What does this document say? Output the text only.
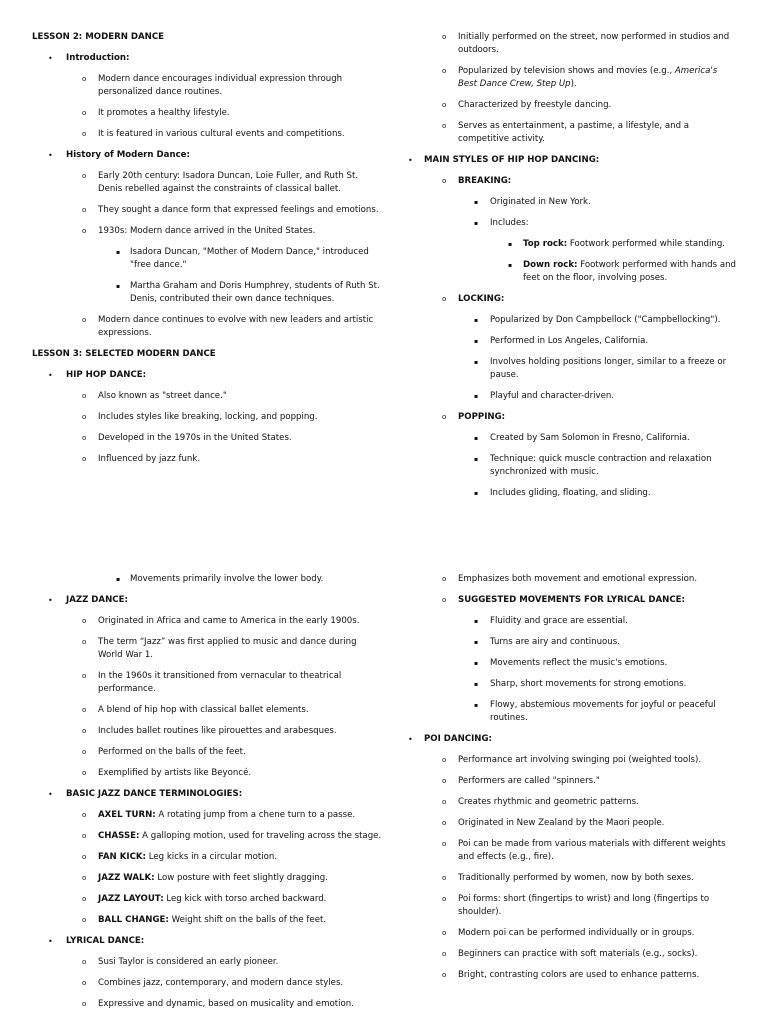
LESSON 2: MODERN DANCE
• Introduction:
o Modern dance encourages individual expression through personalized dance routines.
o It promotes a healthy lifestyle.
o It is featured in various cultural events and competitions.
• History of Modern Dance:
o Early 20th century: Isadora Duncan, Loie Fuller, and Ruth St. Denis rebelled against the constraints of classical ballet.
o They sought a dance form that expressed feelings and emotions.
o 1930s: Modern dance arrived in the United States.
▪ Isadora Duncan, "Mother of Modern Dance," introduced "free dance."
▪ Martha Graham and Doris Humphrey, students of Ruth St. Denis, contributed their own dance techniques.
o Modern dance continues to evolve with new leaders and artistic expressions.
LESSON 3: SELECTED MODERN DANCE
• HIP HOP DANCE:
o Also known as "street dance."
o Includes styles like breaking, locking, and popping.
o Developed in the 1970s in the United States.
o Influenced by jazz funk.
o Initially performed on the street, now performed in studios and outdoors.
o Popularized by television shows and movies (e.g., America's Best Dance Crew, Step Up).
o Characterized by freestyle dancing.
o Serves as entertainment, a pastime, a lifestyle, and a competitive activity.
• MAIN STYLES OF HIP HOP DANCING:
o BREAKING:
▪ Originated in New York.
▪ Includes:
▪ Top rock: Footwork performed while standing.
▪ Down rock: Footwork performed with hands and feet on the floor, involving poses.
o LOCKING:
▪ Popularized by Don Campbellock ("Campbellocking").
▪ Performed in Los Angeles, California.
▪ Involves holding positions longer, similar to a freeze or pause.
▪ Playful and character-driven.
o POPPING:
▪ Created by Sam Solomon in Fresno, California.
▪ Technique: quick muscle contraction and relaxation synchronized with music.
▪ Includes gliding, floating, and sliding.
▪ Movements primarily involve the lower body.
• JAZZ DANCE:
o Originated in Africa and came to America in the early 1900s.
o The term “Jazz” was first applied to music and dance during World War 1.
o In the 1960s it transitioned from vernacular to theatrical performance.
o A blend of hip hop with classical ballet elements.
o Includes ballet routines like pirouettes and arabesques.
o Performed on the balls of the feet.
o Exemplified by artists like Beyoncé.
• BASIC JAZZ DANCE TERMINOLOGIES:
o AXEL TURN: A rotating jump from a chene turn to a passe.
o CHASSE: A galloping motion, used for traveling across the stage.
o FAN KICK: Leg kicks in a circular motion.
o JAZZ WALK: Low posture with feet slightly dragging.
o JAZZ LAYOUT: Leg kick with torso arched backward.
o BALL CHANGE: Weight shift on the balls of the feet.
• LYRICAL DANCE:
o Susi Taylor is considered an early pioneer.
o Combines jazz, contemporary, and modern dance styles.
o Expressive and dynamic, based on musicality and emotion.
o Emphasizes both movement and emotional expression.
o SUGGESTED MOVEMENTS FOR LYRICAL DANCE:
▪ Fluidity and grace are essential.
▪ Turns are airy and continuous.
▪ Movements reflect the music's emotions.
▪ Sharp, short movements for strong emotions.
▪ Flowy, abstemious movements for joyful or peaceful routines.
• POI DANCING:
o Performance art involving swinging poi (weighted tools).
o Performers are called "spinners."
o Creates rhythmic and geometric patterns.
o Originated in New Zealand by the Maori people.
o Poi can be made from various materials with different weights and effects (e.g., fire).
o Traditionally performed by women, now by both sexes.
o Poi forms: short (fingertips to wrist) and long (fingertips to shoulder).
o Modern poi can be performed individually or in groups.
o Beginners can practice with soft materials (e.g., socks).
o Bright, contrasting colors are used to enhance patterns.
